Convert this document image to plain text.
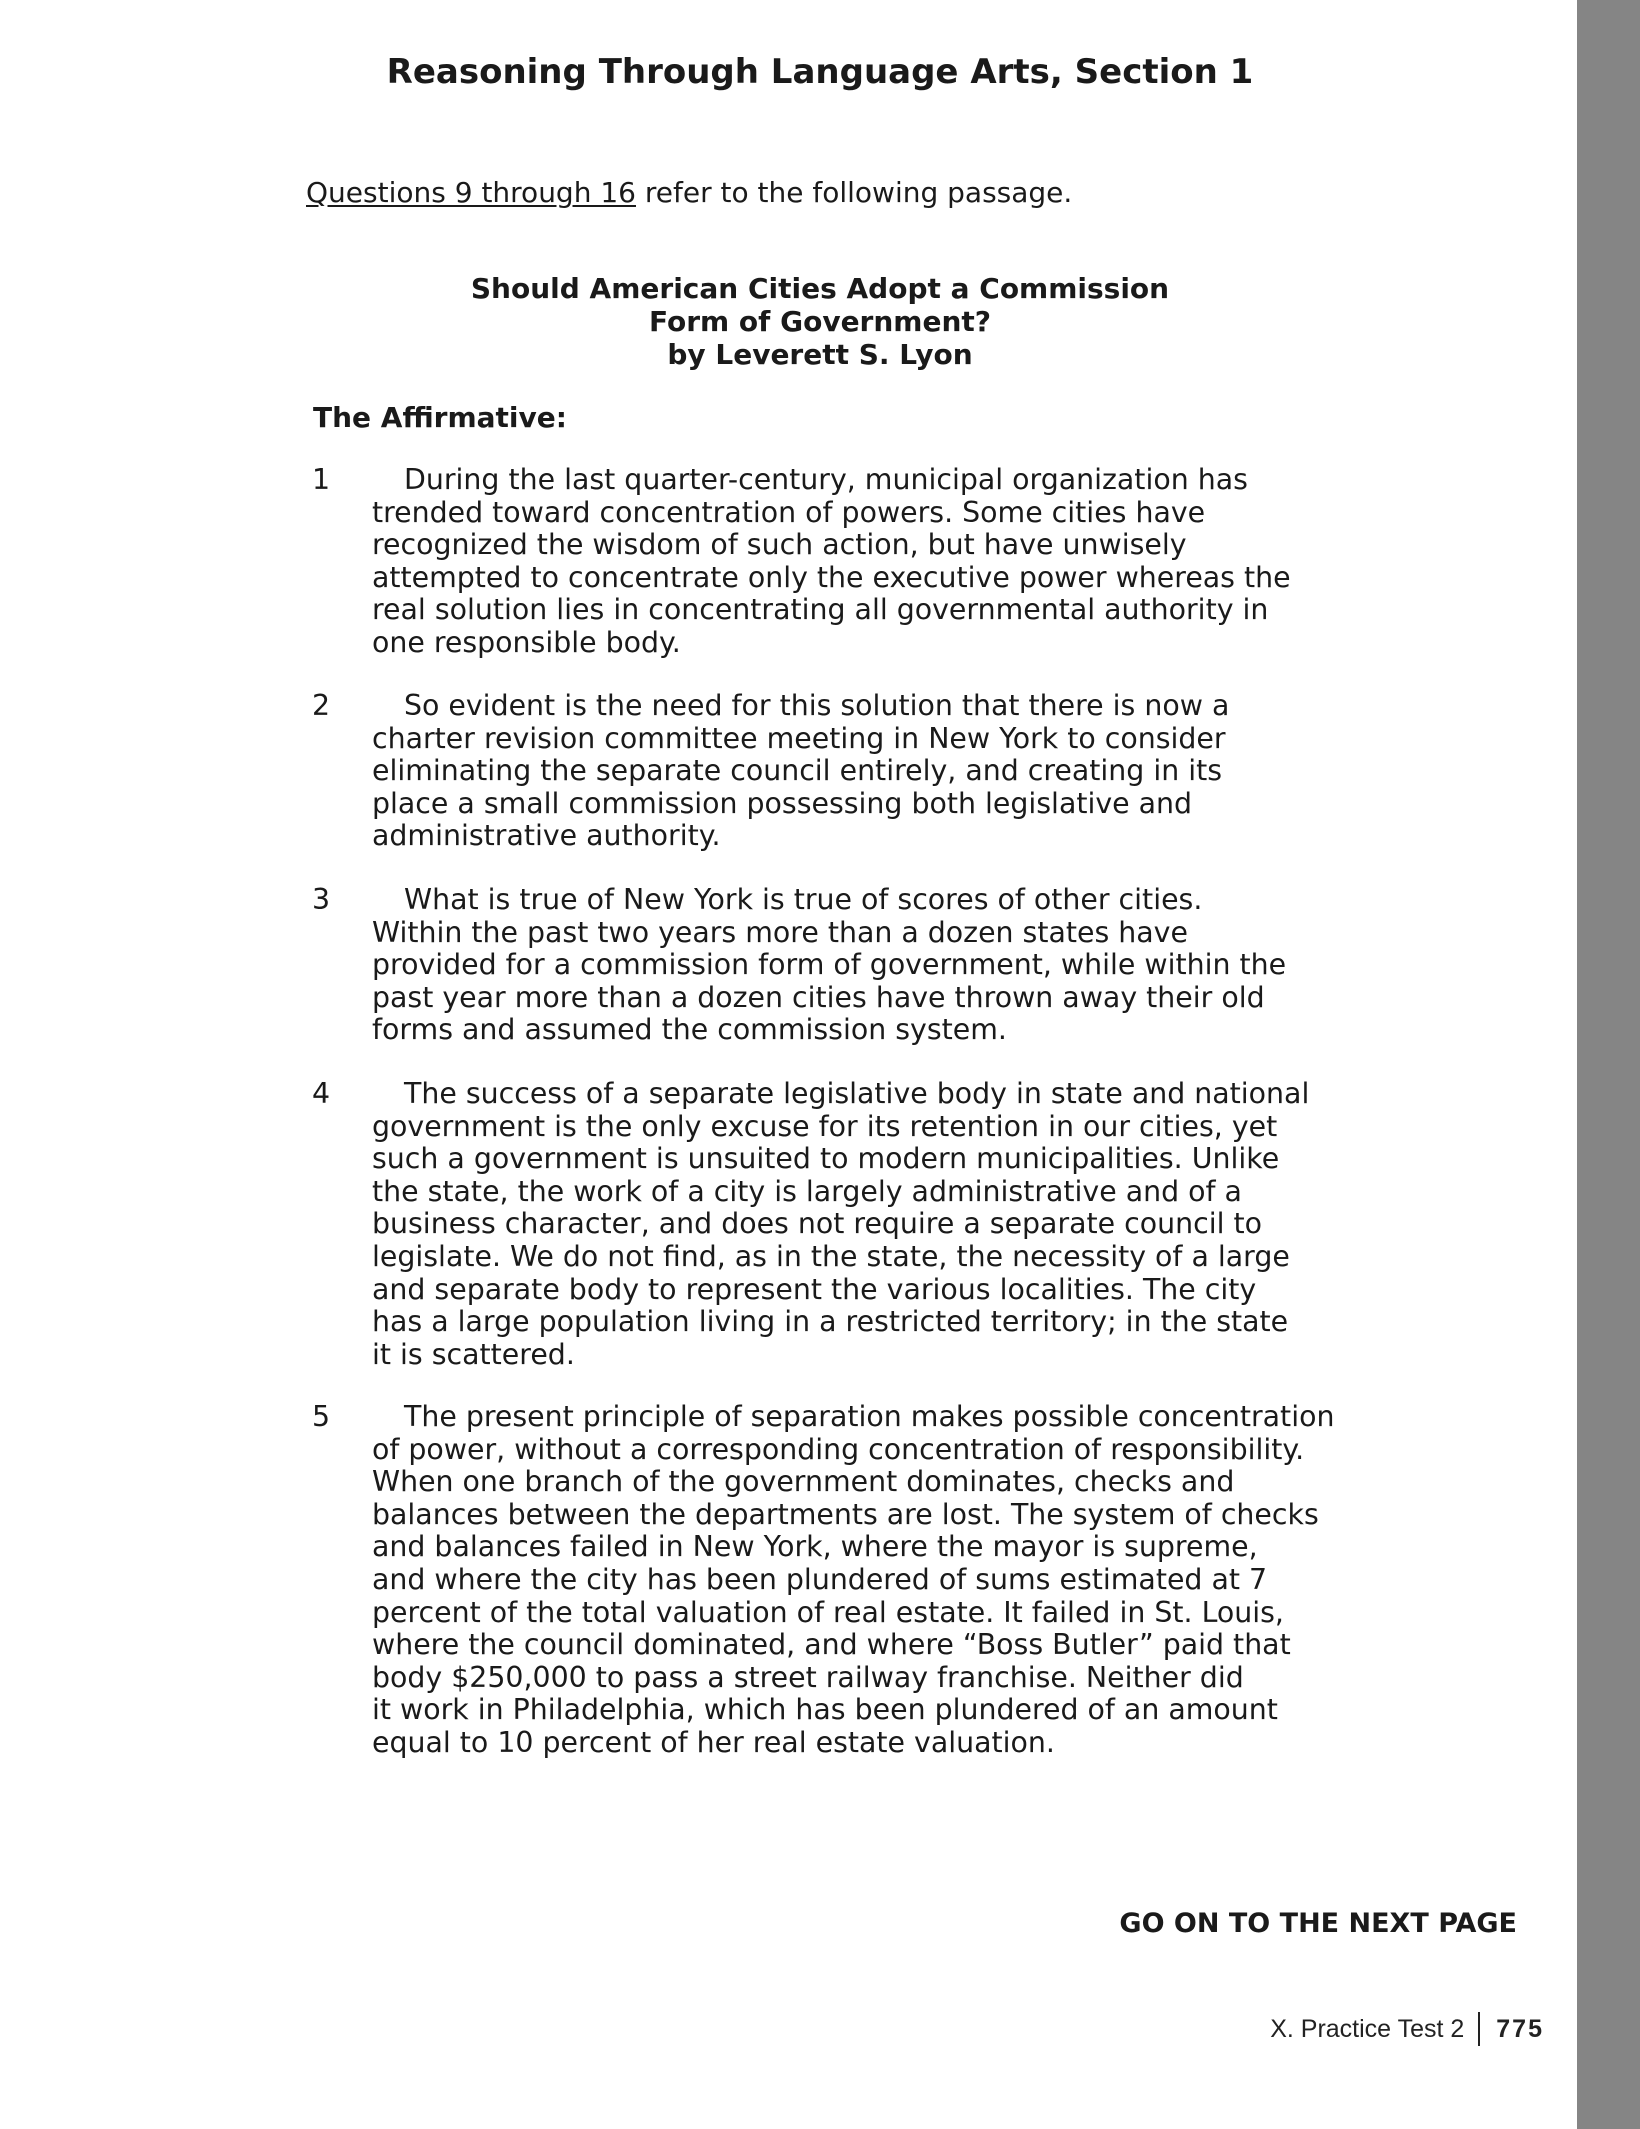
Reasoning Through Language Arts, Section 1

Questions 9 through 16 refer to the following passage.

Should American Cities Adopt a Commission
Form of Government?
by Leverett S. Lyon

The Affirmative:

1	During the last quarter-century, municipal organization has
trended toward concentration of powers. Some cities have
recognized the wisdom of such action, but have unwisely
attempted to concentrate only the executive power whereas the
real solution lies in concentrating all governmental authority in
one responsible body.
2	So evident is the need for this solution that there is now a
charter revision committee meeting in New York to consider
eliminating the separate council entirely, and creating in its
place a small commission possessing both legislative and
administrative authority.
3	What is true of New York is true of scores of other cities.
Within the past two years more than a dozen states have
provided for a commission form of government, while within the
past year more than a dozen cities have thrown away their old
forms and assumed the commission system.
4	The success of a separate legislative body in state and national
government is the only excuse for its retention in our cities, yet
such a government is unsuited to modern municipalities. Unlike
the state, the work of a city is largely administrative and of a
business character, and does not require a separate council to
legislate. We do not find, as in the state, the necessity of a large
and separate body to represent the various localities. The city
has a large population living in a restricted territory; in the state
it is scattered.
5	The present principle of separation makes possible concentration
of power, without a corresponding concentration of responsibility.
When one branch of the government dominates, checks and
balances between the departments are lost. The system of checks
and balances failed in New York, where the mayor is supreme,
and where the city has been plundered of sums estimated at 7
percent of the total valuation of real estate. It failed in St. Louis,
where the council dominated, and where “Boss Butler” paid that
body $250,000 to pass a street railway franchise. Neither did
it work in Philadelphia, which has been plundered of an amount
equal to 10 percent of her real estate valuation.

GO ON TO THE NEXT PAGE

X. Practice Test 2 775
